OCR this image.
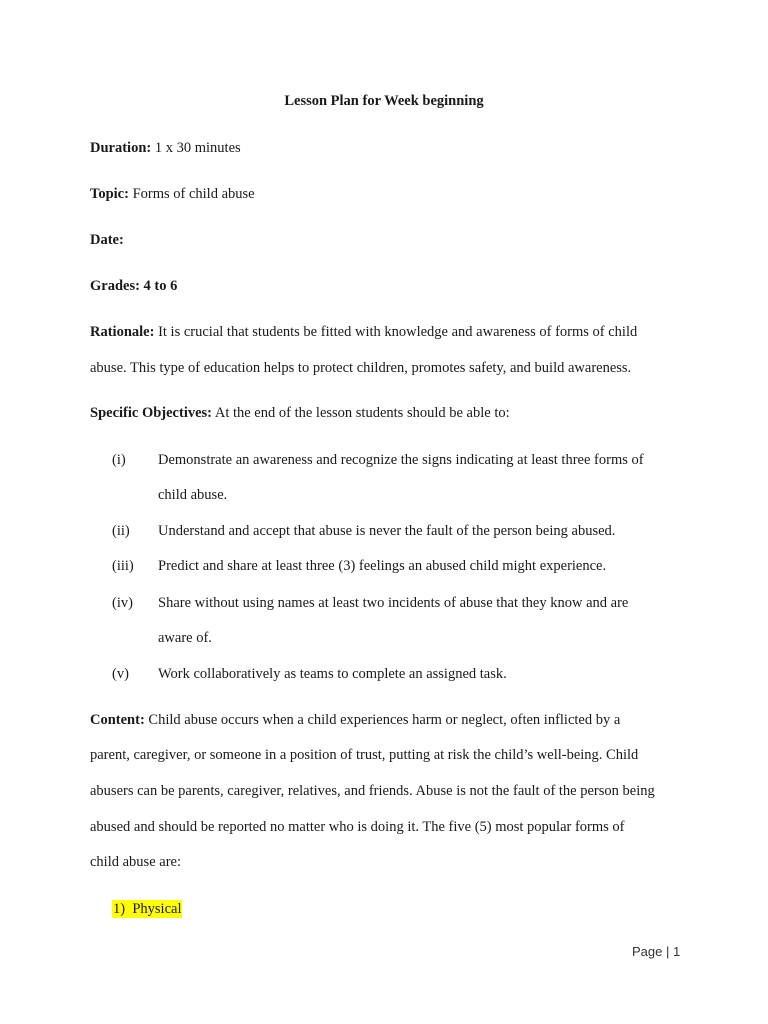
Lesson Plan for Week beginning
Duration: 1 x 30 minutes
Topic: Forms of child abuse
Date:
Grades: 4 to 6
Rationale: It is crucial that students be fitted with knowledge and awareness of forms of child
abuse. This type of education helps to protect children, promotes safety, and build awareness.
Specific Objectives: At the end of the lesson students should be able to:
(i) Demonstrate an awareness and recognize the signs indicating at least three forms of
child abuse.
(ii) Understand and accept that abuse is never the fault of the person being abused.
(iii) Predict and share at least three (3) feelings an abused child might experience.
(iv) Share without using names at least two incidents of abuse that they know and are
aware of.
(v) Work collaboratively as teams to complete an assigned task.
Content: Child abuse occurs when a child experiences harm or neglect, often inflicted by a
parent, caregiver, or someone in a position of trust, putting at risk the child’s well-being. Child
abusers can be parents, caregiver, relatives, and friends. Abuse is not the fault of the person being
abused and should be reported no matter who is doing it. The five (5) most popular forms of
child abuse are:
1) Physical
Page | 1
